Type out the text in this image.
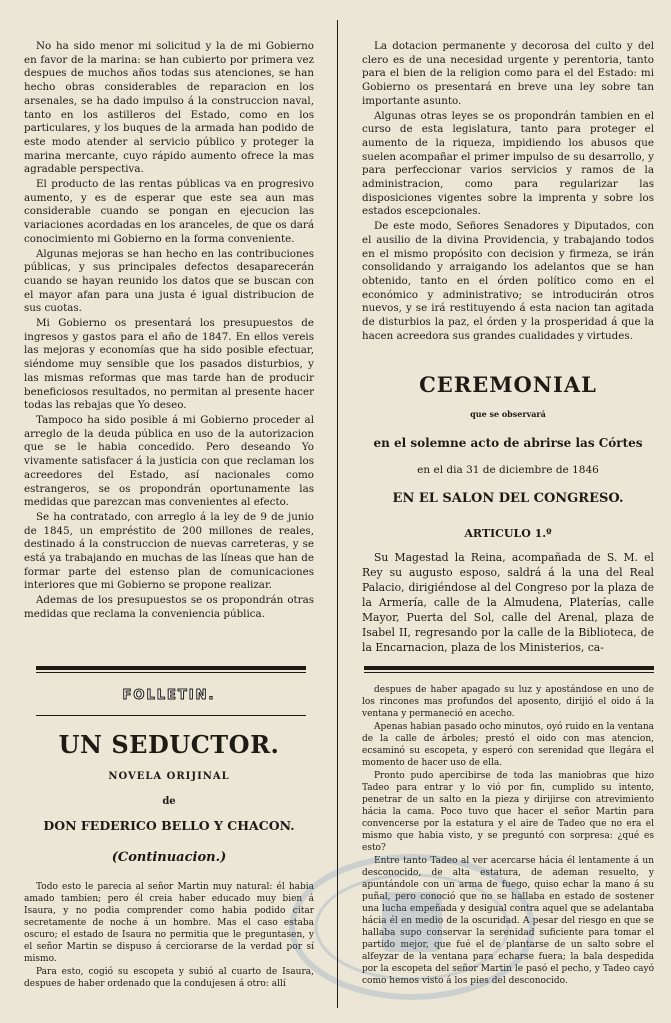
No ha sido menor mi solicitud y la de mi Gobierno en favor de la marina: se han cubierto por primera vez despues de muchos años todas sus atenciones, se han hecho obras considerables de reparacion en los arsenales, se ha dado impulso á la construccion naval, tanto en los astilleros del Estado, como en los particulares, y los buques de la armada han podido de este modo atender al servicio público y proteger la marina mercante, cuyo rápido aumento ofrece la mas agradable perspectiva.

El producto de las rentas públicas va en progresivo aumento, y es de esperar que este sea aun mas considerable cuando se pongan en ejecucion las variaciones acordadas en los aranceles, de que os dará conocimiento mi Gobierno en la forma conveniente.

Algunas mejoras se han hecho en las contribuciones públicas, y sus principales defectos desaparecerán cuando se hayan reunido los datos que se buscan con el mayor afan para una justa é igual distribucion de sus cuotas.

Mi Gobierno os presentará los presupuestos de ingresos y gastos para el año de 1847. En ellos vereis las mejoras y economías que ha sido posible efectuar, siéndome muy sensible que los pasados disturbios, y las mismas reformas que mas tarde han de producir beneficiosos resultados, no permitan al presente hacer todas las rebajas que Yo deseo.

Tampoco ha sido posible á mi Gobierno proceder al arreglo de la deuda pública en uso de la autorizacion que se le habia concedido. Pero deseando Yo vivamente satisfacer á la justicia con que reclaman los acreedores del Estado, así nacionales como estrangeros, se os propondrán oportunamente las medidas que parezcan mas convenientes al efecto.

Se ha contratado, con arreglo á la ley de 9 de junio de 1845, un empréstito de 200 millones de reales, destinado á la construccion de nuevas carreteras, y se está ya trabajando en muchas de las líneas que han de formar parte del estenso plan de comunicaciones interiores que mi Gobierno se propone realizar.

Ademas de los presupuestos se os propondrán otras medidas que reclama la conveniencia pública.

La dotacion permanente y decorosa del culto y del clero es de una necesidad urgente y perentoria, tanto para el bien de la religion como para el del Estado: mi Gobierno os presentará en breve una ley sobre tan importante asunto.

Algunas otras leyes se os propondrán tambien en el curso de esta legislatura, tanto para proteger el aumento de la riqueza, impidiendo los abusos que suelen acompañar el primer impulso de su desarrollo, y para perfeccionar varios servicios y ramos de la administracion, como para regularizar las disposiciones vigentes sobre la imprenta y sobre los estados escepcionales.

De este modo, Señores Senadores y Diputados, con el ausilio de la divina Providencia, y trabajando todos en el mismo propósito con decision y firmeza, se irán consolidando y arraigando los adelantos que se han obtenido, tanto en el órden político como en el económico y administrativo; se introducirán otros nuevos, y se irá restituyendo á esta nacion tan agitada de disturbios la paz, el órden y la prosperidad á que la hacen acreedora sus grandes cualidades y virtudes.

CEREMONIAL
que se observará
en el solemne acto de abrirse las Córtes
en el dia 31 de diciembre de 1846
EN EL SALON DEL CONGRESO.
ARTICULO 1.º

Su Magestad la Reina, acompañada de S. M. el Rey su augusto esposo, saldrá á la una del Real Palacio, dirigiéndose al del Congreso por la plaza de la Armería, calle de la Almudena, Platerías, calle Mayor, Puerta del Sol, calle del Arenal, plaza de Isabel II, regresando por la calle de la Biblioteca, de la Encarnacion, plaza de los Ministerios, ca-

FOLLETIN.
UN SEDUCTOR.
NOVELA ORIJINAL
de
DON FEDERICO BELLO Y CHACON.
(Continuacion.)

Todo esto le parecia al señor Martin muy natural: él habia amado tambien; pero él creia haber educado muy bien á Isaura, y no podia comprender como habia podido citar secretamente de noche á un hombre. Mas el caso estaba oscuro; el estado de Isaura no permitia que le preguntasen, y el señor Martin se dispuso á cerciorarse de la verdad por sí mismo.

Para esto, cogió su escopeta y subió al cuarto de Isaura, despues de haber ordenado que la condujesen á otro: allí

despues de haber apagado su luz y apostándose en uno de los rincones mas profundos del aposento, dirijió el oido á la ventana y permaneció en acecho.

Apenas habian pasado ocho minutos, oyó ruido en la ventana de la calle de árboles; prestó el oido con mas atencion, ecsaminó su escopeta, y esperó con serenidad que llegára el momento de hacer uso de ella.

Pronto pudo apercibirse de toda las maniobras que hizo Tadeo para entrar y lo vió por fin, cumplido su intento, penetrar de un salto en la pieza y dirijirse con atrevimiento hácia la cama. Poco tuvo que hacer el señor Martin para convencerse por la estatura y el aire de Tadeo que no era el mismo que habia visto, y se preguntó con sorpresa: ¿qué es esto?

Entre tanto Tadeo al ver acercarse hácia él lentamente á un desconocido, de alta estatura, de ademan resuelto, y apuntándole con un arma de fuego, quiso echar la mano á su puñal, pero conoció que no se hallaba en estado de sostener una lucha empeñada y desigual contra aquel que se adelantaba hácia él en medio de la oscuridad. A pesar del riesgo en que se hallaba supo conservar la serenidad suficiente para tomar el partido mejor, que fué el de plantarse de un salto sobre el alfeyzar de la ventana para echarse fuera; la bala despedida por la escopeta del señor Martin le pasó el pecho, y Tadeo cayó como hemos visto á los pies del desconocido.
